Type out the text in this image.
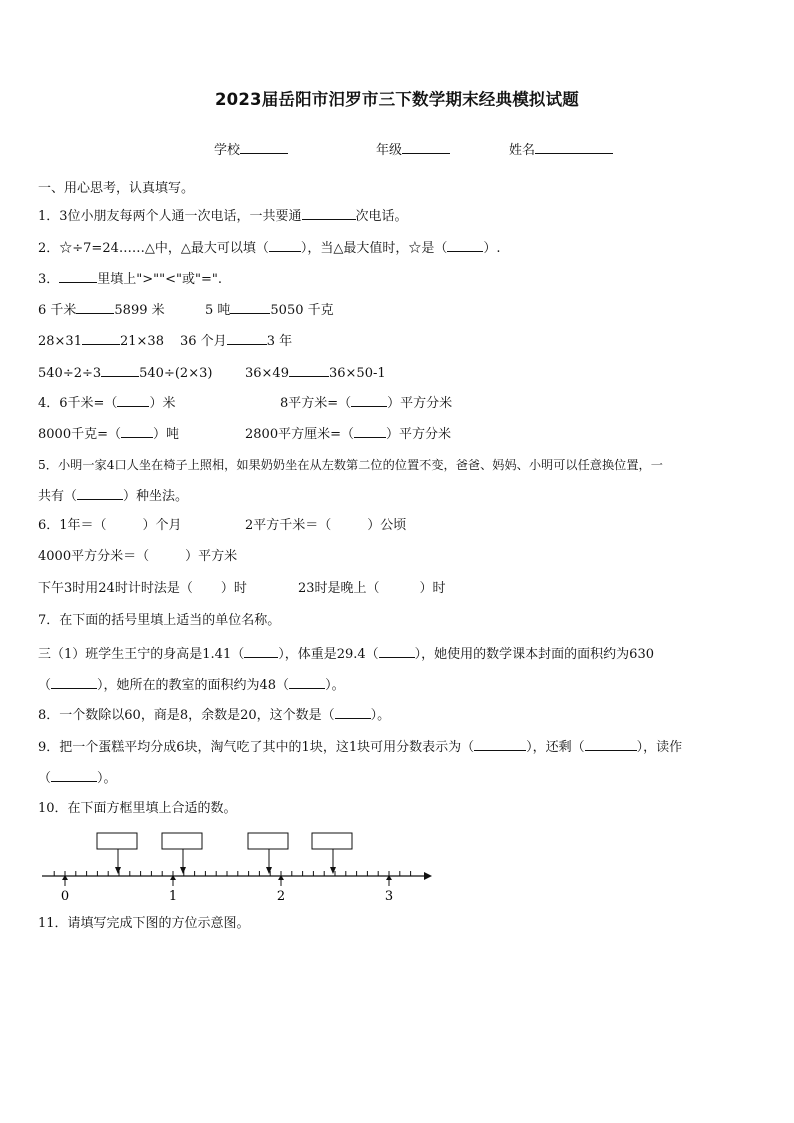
2023届岳阳市汨罗市三下数学期末经典模拟试题
学校	年级	姓名
一、用心思考，认真填写。
1．3位小朋友每两个人通一次电话，一共要通	次电话。
2．☆÷7=24……△中，△最大可以填（ ），当△最大值时，☆是（	）.
3．	里填上">""<"或"=".
6 千米	5899 米	5 吨	5050 千克
28×31	21×38 36 个月	3 年
540÷2÷3	540÷(2×3)	36×49	36×50-1
4．6千米=（ ）米	8平方米=（	）平方分米
8000千克=（ ）吨	2800平方厘米=（ ）平方分米
5．小明一家4口人坐在椅子上照相，如果奶奶坐在从左数第二位的位置不变，爸爸、妈妈、小明可以任意换位置，一
共有（	）种坐法。
6．1年＝（	）个月	2平方千米＝（	）公顷
4000平方分米＝（	）平方米
下午3时用24时计时法是（ ）时	23时是晚上（	）时
7．在下面的括号里填上适当的单位名称。
三（1）班学生王宁的身高是1.41（	），体重是29.4（	），她使用的数学课本封面的面积约为630
（	），她所在的教室的面积约为48（	）。
8．一个数除以60，商是8，余数是20，这个数是（	）。
9．把一个蛋糕平均分成6块，淘气吃了其中的1块，这1块可用分数表示为（	），还剩（	），读作
（	）。
10．在下面方框里填上合适的数。
0	1	2	3
11．请填写完成下图的方位示意图。
